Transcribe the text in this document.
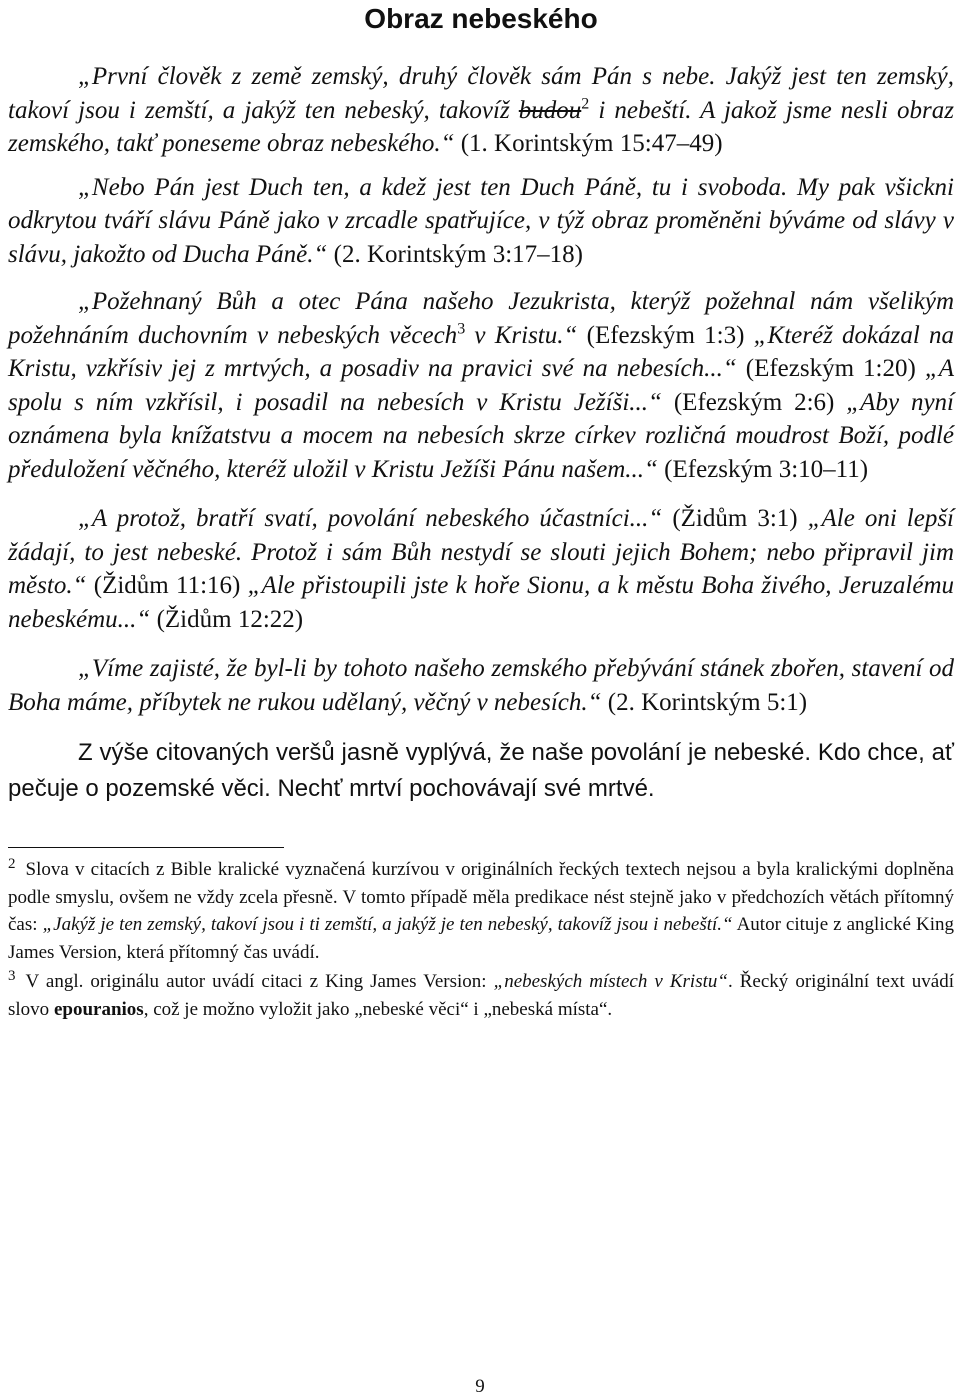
Obraz nebeského

„První člověk z země zemský, druhý člověk sám Pán s nebe. Jakýž jest ten zemský, takoví jsou i zemští, a jakýž ten nebeský, takovíž budou$^2$ i nebeští. A jakož jsme nesli obraz zemského, takť poneseme obraz nebeského.“ (1. Korintským 15:47–49)

„Nebo Pán jest Duch ten, a kdež jest ten Duch Páně, tu i svoboda. My pak všickni odkrytou tváří slávu Páně jako v zrcadle spatřujíce, v týž obraz proměněni býváme od slávy v slávu, jakožto od Ducha Páně.“ (2. Korintským 3:17–18)

„Požehnaný Bůh a otec Pána našeho Jezukrista, kterýž požehnal nám všelikým požehnáním duchovním v nebeských věcech$^3$ v Kristu.“ (Efezským 1:3) „Kteréž dokázal na Kristu, vzkřísiv jej z mrtvých, a posadiv na pravici své na nebesích...“ (Efezským 1:20) „A spolu s ním vzkřísil, i posadil na nebesích v Kristu Ježíši...“ (Efezským 2:6) „Aby nyní oznámena byla knížatstvu a mocem na nebesích skrze církev rozličná moudrost Boží, podlé předuložení věčného, kteréž uložil v Kristu Ježíši Pánu našem...“ (Efezským 3:10–11)

„A protož, bratří svatí, povolání nebeského účastníci...“ (Židům 3:1) „Ale oni lepší žádají, to jest nebeské. Protož i sám Bůh nestydí se slouti jejich Bohem; nebo připravil jim město.“ (Židům 11:16) „Ale přistoupili jste k hoře Sionu, a k městu Boha živého, Jeruzalému nebeskému...“ (Židům 12:22)

„Víme zajisté, že byl-li by tohoto našeho zemského přebývání stánek zbořen, stavení od Boha máme, příbytek ne rukou udělaný, věčný v nebesích.“ (2. Korintským 5:1)

Z výše citovaných veršů jasně vyplývá, že naše povolání je nebeské. Kdo chce, ať pečuje o pozemské věci. Nechť mrtví pochovávají své mrtvé.

$^2$ Slova v citacích z Bible kralické vyznačená kurzívou v originálních řeckých textech nejsou a byla kralickými doplněna podle smyslu, ovšem ne vždy zcela přesně. V tomto případě měla predikace nést stejně jako v předchozích větách přítomný čas: „Jakýž je ten zemský, takoví jsou i ti zemští, a jakýž je ten nebeský, takovíž jsou i nebeští.“ Autor cituje z anglické King James Version, která přítomný čas uvádí.

$^3$ V angl. originálu autor uvádí citaci z King James Version: „nebeských místech v Kristu“. Řecký originální text uvádí slovo epouranios, což je možno vyložit jako „nebeské věci“ i „nebeská místa“.

9
